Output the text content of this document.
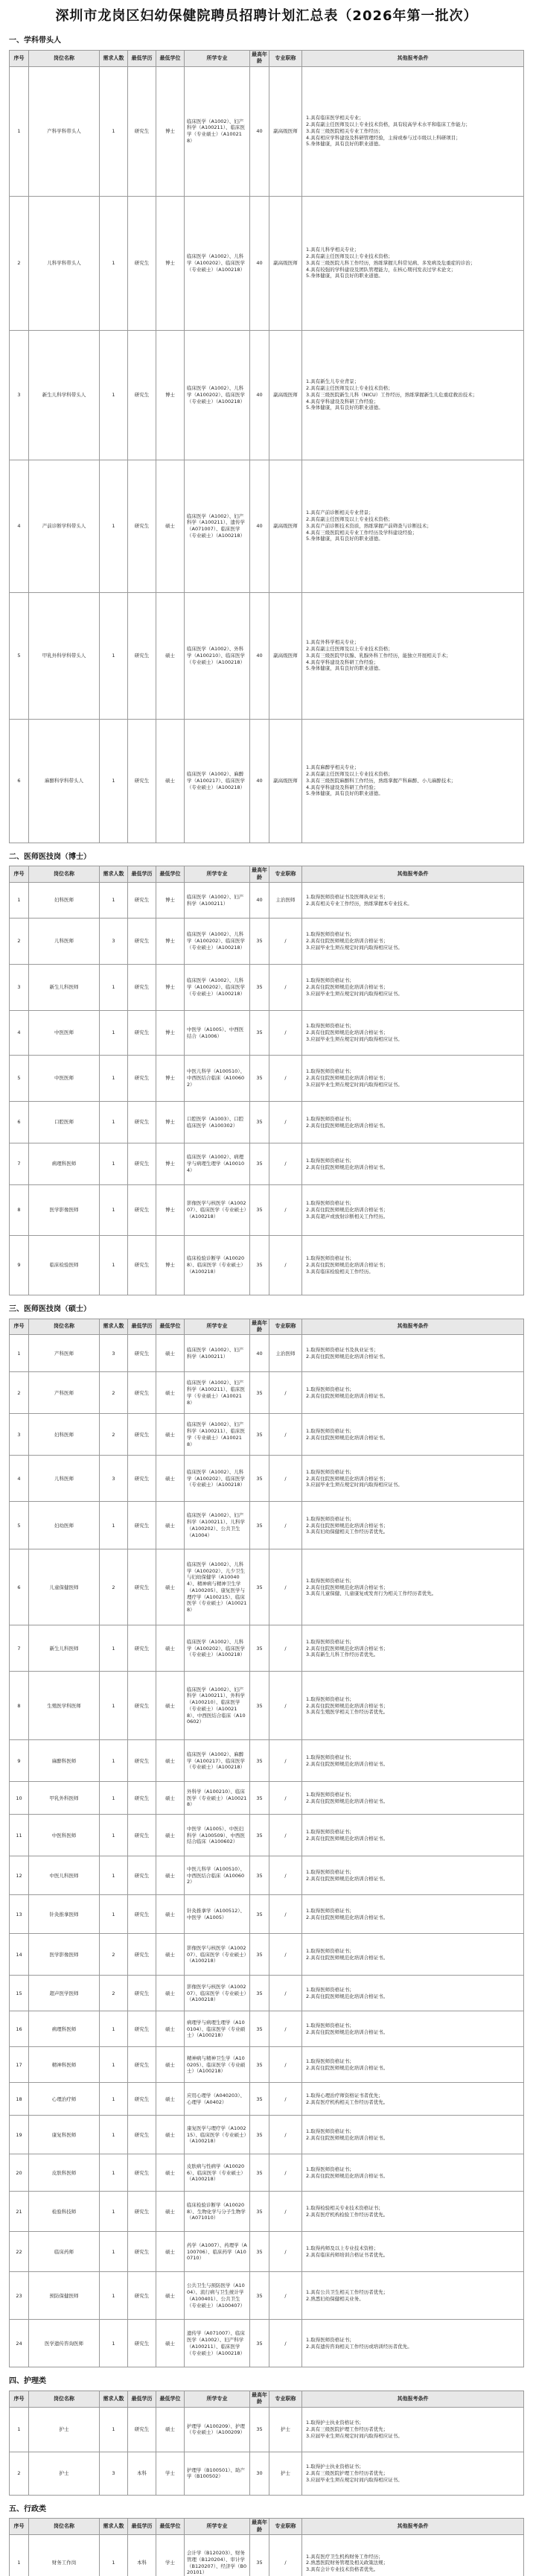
深圳市龙岗区妇幼保健院聘员招聘计划汇总表（2026年第一批次）
一、学科带头人
序号	岗位名称	需求人数	最低学历	最低学位	所学专业	最高年龄	专业职称	其他报考条件
1	产科学科带头人	1	研究生	博士	临床医学（A1002）、妇产科学（A100211）、临床医学（专业硕士）（A100218）	40	副高级医师	1.具有临床医学相关专业；
2.具有副主任医师及以上专业技术资格，具有较高学术水平和临床工作能力；
3.具有三级医院相关专业工作经历；
4.具有相应学科建设及科研管理经验，主持或参与过市级以上科研项目；
5.身体健康，具有良好的职业道德。
2	儿科学科带头人	1	研究生	博士	临床医学（A1002）、儿科学（A100202）、临床医学（专业硕士）（A100218）	40	副高级医师	1.具有儿科学相关专业；
2.具有副主任医师及以上专业技术资格；
3.具有三级医院儿科工作经历，熟练掌握儿科常见病、多发病及危重症的诊治；
4.具有较强的学科建设及团队管理能力，在核心期刊发表过学术论文；
5.身体健康，具有良好的职业道德。
3	新生儿科学科带头人	1	研究生	博士	临床医学（A1002）、儿科学（A100202）、临床医学（专业硕士）（A100218）	40	副高级医师	1.具有新生儿专业背景；
2.具有副主任医师及以上专业技术资格；
3.具有三级医院新生儿科（NICU）工作经历，熟练掌握新生儿危重症救治技术；
4.具有学科建设及科研工作经验；
5.身体健康，具有良好的职业道德。
4	产前诊断学科带头人	1	研究生	硕士	临床医学（A1002）、妇产科学（A100211）、遗传学（A071007）、临床医学（专业硕士）（A100218）	40	副高级医师	1.具有产前诊断相关专业背景；
2.具有副主任医师及以上专业技术资格；
3.具有产前诊断技术资质，熟练掌握产前筛查与诊断技术；
4.具有三级医院相关专业工作经历及学科建设经验；
5.身体健康，具有良好的职业道德。
5	甲乳外科学科带头人	1	研究生	硕士	临床医学（A1002）、外科学（A100210）、临床医学（专业硕士）（A100218）	40	副高级医师	1.具有外科学相关专业；
2.具有副主任医师及以上专业技术资格；
3.具有三级医院甲状腺、乳腺外科工作经历，能独立开展相关手术；
4.具有学科建设及科研工作经验；
5.身体健康，具有良好的职业道德。
6	麻醉科学科带头人	1	研究生	硕士	临床医学（A1002）、麻醉学（A100217）、临床医学（专业硕士）（A100218）	40	副高级医师	1.具有麻醉学相关专业；
2.具有副主任医师及以上专业技术资格；
3.具有三级医院麻醉科工作经历，熟练掌握产科麻醉、小儿麻醉技术；
4.具有学科建设及科研工作经验；
5.身体健康，具有良好的职业道德。
二、医师医技岗（博士）
序号	岗位名称	需求人数	最低学历	最低学位	所学专业	最高年龄	专业职称	其他报考条件
1	妇科医师	1	研究生	博士	临床医学（A1002）、妇产科学（A100211）	40	主治医师	1.取得医师资格证书及医师执业证书；
2.具有相关专业工作经历，熟练掌握本专业技术。
2	儿科医师	3	研究生	博士	临床医学（A1002）、儿科学（A100202）、临床医学（专业硕士）（A100218）	35	/	1.取得医师资格证书；
2.具有住院医师规范化培训合格证书；
3.应届毕业生须在规定时间内取得相应证书。
3	新生儿科医师	1	研究生	博士	临床医学（A1002）、儿科学（A100202）、临床医学（专业硕士）（A100218）	35	/	1.取得医师资格证书；
2.具有住院医师规范化培训合格证书；
3.应届毕业生须在规定时间内取得相应证书。
4	中医医师	1	研究生	博士	中医学（A1005）、中西医结合（A1006）	35	/	1.取得医师资格证书；
2.具有住院医师规范化培训合格证书；
3.应届毕业生须在规定时间内取得相应证书。
5	中医医师	1	研究生	博士	中医儿科学（A100510）、中西医结合临床（A100602）	35	/	1.取得医师资格证书；
2.具有住院医师规范化培训合格证书；
3.应届毕业生须在规定时间内取得相应证书。
6	口腔医师	1	研究生	博士	口腔医学（A1003）、口腔临床医学（A100302）	35	/	1.取得医师资格证书；
2.具有住院医师规范化培训合格证书。
7	病理科医师	1	研究生	博士	临床医学（A1002）、病理学与病理生理学（A100104）	35	/	1.取得医师资格证书；
2.具有住院医师规范化培训合格证书。
8	医学影像医师	1	研究生	博士	影像医学与核医学（A100207）、临床医学（专业硕士）（A100218）	35	/	1.取得医师资格证书；
2.具有住院医师规范化培训合格证书；
3.具有超声或放射诊断相关工作经历。
9	临床检验医师	1	研究生	博士	临床检验诊断学（A100208）、临床医学（专业硕士）（A100218）	35	/	1.取得医师资格证书；
2.具有住院医师规范化培训合格证书；
3.具有临床检验相关工作经历。
三、医师医技岗（硕士）
序号	岗位名称	需求人数	最低学历	最低学位	所学专业	最高年龄	专业职称	其他报考条件
1	产科医师	3	研究生	硕士	临床医学（A1002）、妇产科学（A100211）	40	主治医师	1.取得医师资格证书及执业证书；
2.具有住院医师规范化培训合格证书。
2	产科医师	2	研究生	硕士	临床医学（A1002）、妇产科学（A100211）、临床医学（专业硕士）（A100218）	35	/	1.取得医师资格证书；
2.具有住院医师规范化培训合格证书。
3	妇科医师	2	研究生	硕士	临床医学（A1002）、妇产科学（A100211）、临床医学（专业硕士）（A100218）	35	/	1.取得医师资格证书；
2.具有住院医师规范化培训合格证书。
4	儿科医师	3	研究生	硕士	临床医学（A1002）、儿科学（A100202）、临床医学（专业硕士）（A100218）	35	/	1.取得医师资格证书；
2.具有住院医师规范化培训合格证书；
3.应届毕业生须在规定时间内取得相应证书。
5	妇幼医师	1	研究生	硕士	临床医学（A1002）、妇产科学（A100211）、儿科学（A100202）、公共卫生（A1004）	35	/	1.取得医师资格证书；
2.具有住院医师规范化培训合格证书；
3.具有妇幼保健相关工作经历者优先。
6	儿童保健医师	2	研究生	硕士	临床医学（A1002）、儿科学（A100202）、儿少卫生与妇幼保健学（A100404）、精神病与精神卫生学（A100205）、康复医学与理疗学（A100215）、临床医学（专业硕士）（A100218）	35	/	1.取得医师资格证书；
2.具有住院医师规范化培训合格证书；
3.具有儿童保健、儿童康复或发育行为相关工作经历者优先。
7	新生儿科医师	1	研究生	硕士	临床医学（A1002）、儿科学（A100202）、临床医学（专业硕士）（A100218）	35	/	1.取得医师资格证书；
2.具有住院医师规范化培训合格证书；
3.具有新生儿科工作经历者优先。
8	生殖医学科医师	1	研究生	硕士	临床医学（A1002）、妇产科学（A100211）、外科学（A100210）、临床医学（专业硕士）（A100218）、中西医结合临床（A100602）	35	/	1.取得医师资格证书；
2.具有住院医师规范化培训合格证书；
3.具有生殖医学相关工作经历者优先。
9	麻醉科医师	1	研究生	硕士	临床医学（A1002）、麻醉学（A100217）、临床医学（专业硕士）（A100218）	35	/	1.取得医师资格证书；
2.具有住院医师规范化培训合格证书。
10	甲乳外科医师	1	研究生	硕士	外科学（A100210）、临床医学（专业硕士）（A100218）	35	/	1.取得医师资格证书；
2.具有住院医师规范化培训合格证书。
11	中医科医师	1	研究生	硕士	中医学（A1005）、中医妇科学（A100509）、中西医结合临床（A100602）	35	/	1.取得医师资格证书；
2.具有住院医师规范化培训合格证书。
12	中医儿科医师	1	研究生	硕士	中医儿科学（A100510）、中西医结合临床（A100602）	35	/	1.取得医师资格证书；
2.具有住院医师规范化培训合格证书。
13	针灸推拿医师	1	研究生	硕士	针灸推拿学（A100512）、中医学（A1005）	35	/	1.取得医师资格证书；
2.具有住院医师规范化培训合格证书。
14	医学影像医师	2	研究生	硕士	影像医学与核医学（A100207）、临床医学（专业硕士）（A100218）	35	/	1.取得医师资格证书；
2.具有住院医师规范化培训合格证书。
15	超声医学医师	2	研究生	硕士	影像医学与核医学（A100207）、临床医学（专业硕士）（A100218）	35	/	1.取得医师资格证书；
2.具有住院医师规范化培训合格证书。
16	病理科医师	1	研究生	硕士	病理学与病理生理学（A100104）、临床医学（专业硕士）（A100218）	35	/	1.取得医师资格证书；
2.具有住院医师规范化培训合格证书。
17	精神科医师	1	研究生	硕士	精神病与精神卫生学（A100205）、临床医学（专业硕士）（A100218）	35	/	1.取得医师资格证书；
2.具有住院医师规范化培训合格证书。
18	心理治疗师	1	研究生	硕士	应用心理学（A040203）、心理学（A0402）	35	/	1.取得心理治疗师资格证书者优先；
2.具有医疗机构相关工作经历者优先。
19	康复科医师	1	研究生	硕士	康复医学与理疗学（A100215）、临床医学（专业硕士）（A100218）	35	/	1.取得医师资格证书；
2.具有住院医师规范化培训合格证书。
20	皮肤科医师	1	研究生	硕士	皮肤病与性病学（A100206）、临床医学（专业硕士）（A100218）	35	/	1.取得医师资格证书；
2.具有住院医师规范化培训合格证书。
21	检验科技师	1	研究生	硕士	临床检验诊断学（A100208）、生物化学与分子生物学（A071010）	35	/	1.取得检验相关专业技术资格证书；
2.具有医疗机构检验工作经历者优先。
22	临床药师	1	研究生	硕士	药学（A1007）、药理学（A100706）、临床药学（A100710）	35	/	1.取得药师及以上专业技术资格；
2.具有临床药师培训合格证书者优先。
23	预防保健医师	1	研究生	硕士	公共卫生与预防医学（A1004）、流行病与卫生统计学（A100401）、公共卫生（专业硕士）（A100407）	35	/	1.具有公共卫生相关工作经历者优先；
2.熟悉妇幼保健相关业务。
24	医学遗传咨询医师	1	研究生	硕士	遗传学（A071007）、临床医学（A1002）、妇产科学（A100211）、临床医学（专业硕士）（A100218）	35	/	1.取得医师资格证书；
2.具有遗传咨询相关工作经历或培训经历者优先。
四、护理类
序号	岗位名称	需求人数	最低学历	最低学位	所学专业	最高年龄	专业职称	其他报考条件
1	护士	1	研究生	硕士	护理学（A100209）、护理（专业硕士）（A100209）	35	护士	1.取得护士执业资格证书；
2.具有三级医院护理工作经历者优先；
3.应届毕业生须在规定时间内取得相应证书。
2	护士	3	本科	学士	护理学（B100501）、助产学（B100502）	30	护士	1.取得护士执业资格证书；
2.具有三级医院护理工作经历者优先；
3.应届毕业生须在规定时间内取得相应证书。
五、行政类
序号	岗位名称	需求人数	最低学历	最低学位	所学专业	最高年龄	专业职称	其他报考条件
1	财务工作岗	1	本科	学士	会计学（B120203）、财务管理（B120204）、审计学（B120207）、经济学（B020101）	35	/	1.具有医疗卫生机构财务工作经历；
2.熟悉医院财务管理及相关政策法规；
3.具有会计专业技术资格者优先。
